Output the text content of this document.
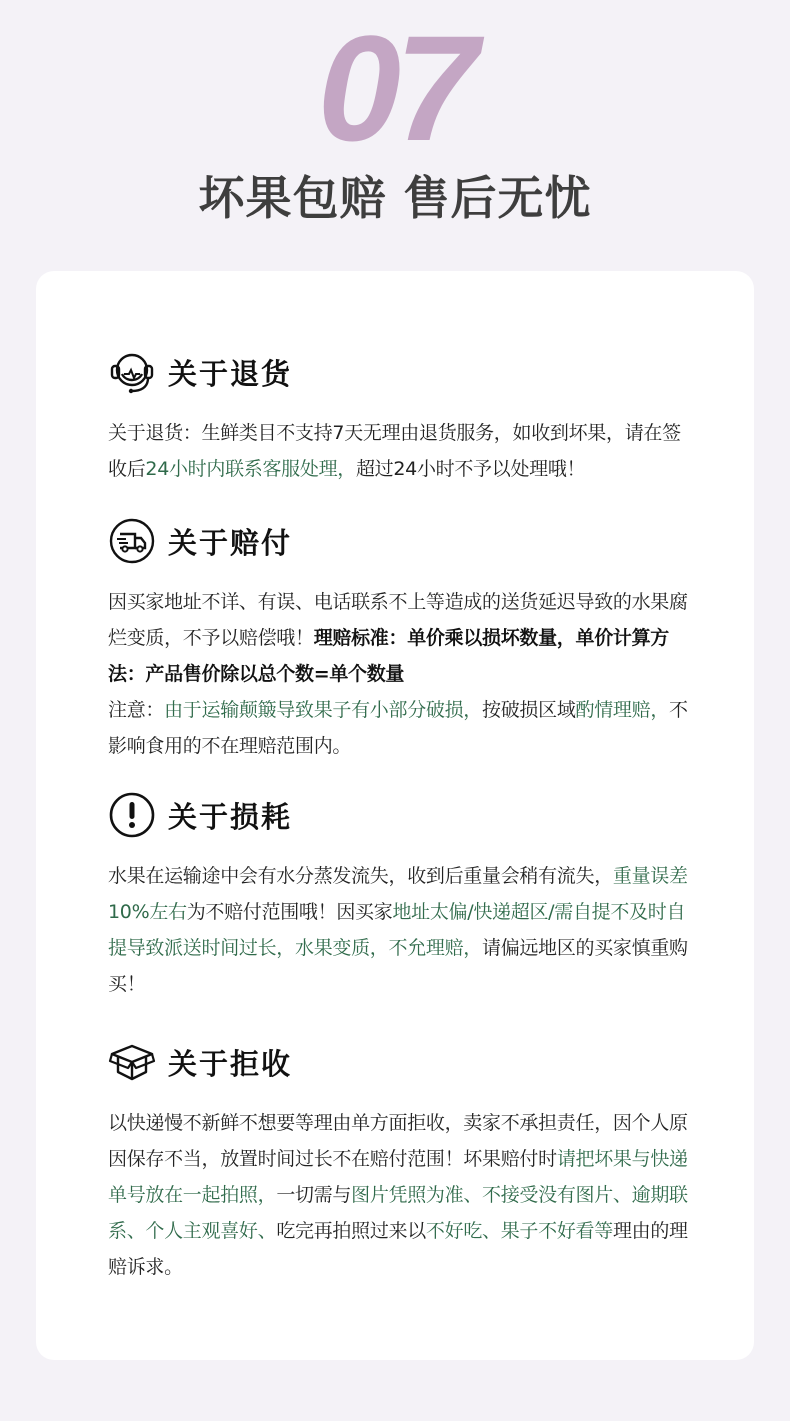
07
坏果包赔 售后无忧
关于退货
关于退货：生鲜类目不支持7天无理由退货服务，如收到坏果，请在签收后24小时内联系客服处理，超过24小时不予以处理哦！
关于赔付
因买家地址不详、有误、电话联系不上等造成的送货延迟导致的水果腐烂变质，不予以赔偿哦！理赔标准：单价乘以损坏数量，单价计算方法：产品售价除以总个数=单个数量
注意：由于运输颠簸导致果子有小部分破损，按破损区域酌情理赔，不影响食用的不在理赔范围内。
关于损耗
水果在运输途中会有水分蒸发流失，收到后重量会稍有流失，重量误差10%左右为不赔付范围哦！因买家地址太偏/快递超区/需自提不及时自提导致派送时间过长，水果变质，不允理赔，请偏远地区的买家慎重购买！
关于拒收
以快递慢不新鲜不想要等理由单方面拒收，卖家不承担责任，因个人原因保存不当，放置时间过长不在赔付范围！坏果赔付时请把坏果与快递单号放在一起拍照，一切需与图片凭照为准、不接受没有图片、逾期联系、个人主观喜好、吃完再拍照过来以不好吃、果子不好看等理由的理赔诉求。
